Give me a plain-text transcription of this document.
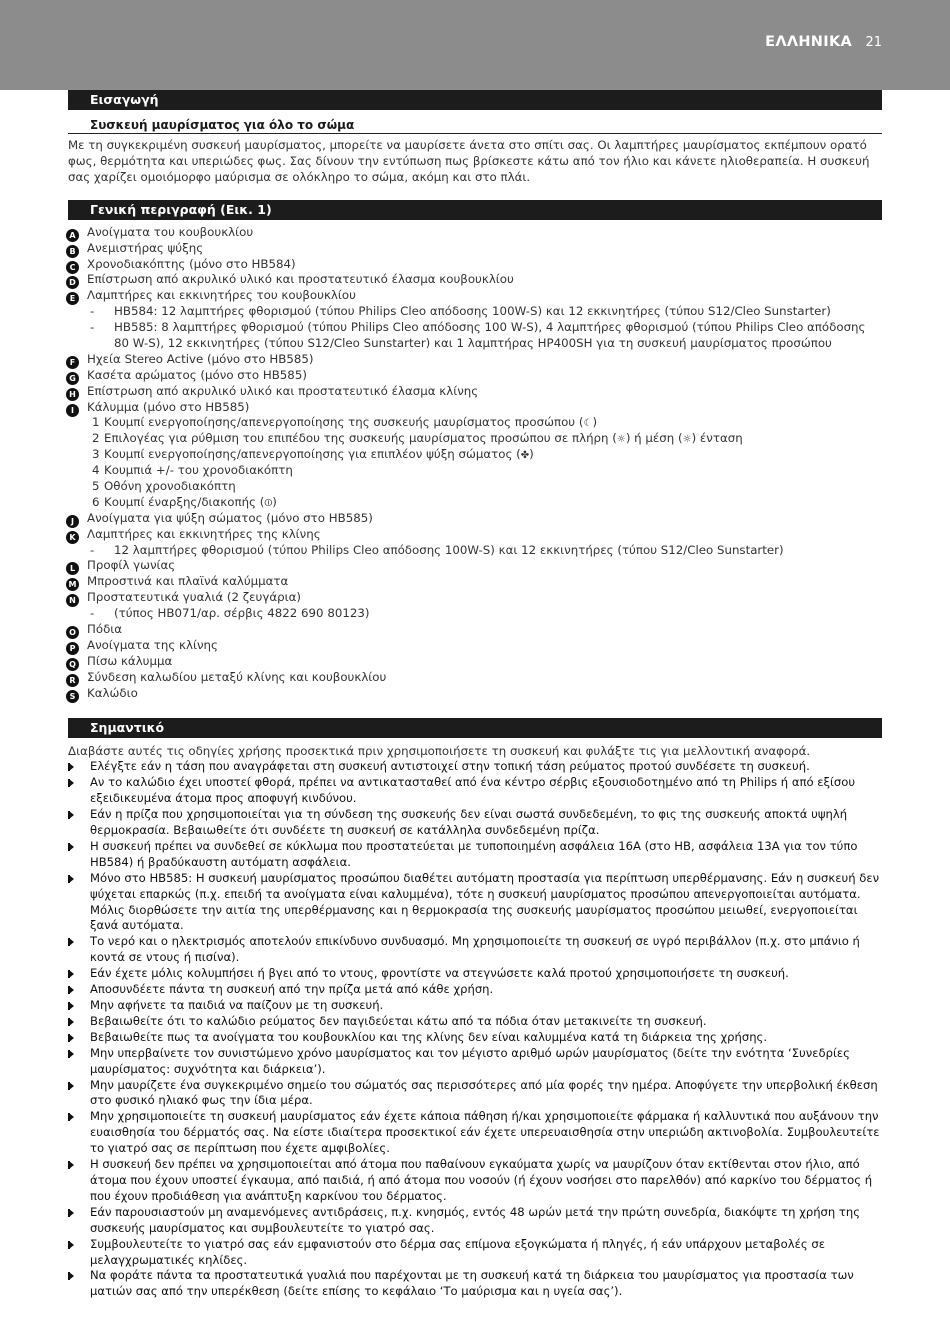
ΕΛΛΗΝΙΚΑ 21
Εισαγωγή
Συσκευή μαυρίσματος για όλο το σώμα
Με τη συγκεκριμένη συσκευή μαυρίσματος, μπορείτε να μαυρίσετε άνετα στο σπίτι σας. Οι λαμπτήρες μαυρίσματος εκπέμπουν ορατό φως, θερμότητα και υπεριώδες φως. Σας δίνουν την εντύπωση πως βρίσκεστε κάτω από τον ήλιο και κάνετε ηλιοθεραπεία. Η συσκευή σας χαρίζει ομοιόμορφο μαύρισμα σε ολόκληρο το σώμα, ακόμη και στο πλάι.
Γενική περιγραφή (Εικ. 1)
A Ανοίγματα του κουβουκλίου
B Ανεμιστήρας ψύξης
C Χρονοδιακόπτης (μόνο στο HB584)
D Επίστρωση από ακρυλικό υλικό και προστατευτικό έλασμα κουβουκλίου
E Λαμπτήρες και εκκινητήρες του κουβουκλίου
- HB584: 12 λαμπτήρες φθορισμού (τύπου Philips Cleo απόδοσης 100W-S) και 12 εκκινητήρες (τύπου S12/Cleo Sunstarter)
- HB585: 8 λαμπτήρες φθορισμού (τύπου Philips Cleo απόδοσης 100 W-S), 4 λαμπτήρες φθορισμού (τύπου Philips Cleo απόδοσης 80 W-S), 12 εκκινητήρες (τύπου S12/Cleo Sunstarter) και 1 λαμπτήρας HP400SH για τη συσκευή μαυρίσματος προσώπου
F Ηχεία Stereo Active (μόνο στο HB585)
G Κασέτα αρώματος (μόνο στο HB585)
H Επίστρωση από ακρυλικό υλικό και προστατευτικό έλασμα κλίνης
I Κάλυμμα (μόνο στο HB585)
1 Κουμπί ενεργοποίησης/απενεργοποίησης της συσκευής μαυρίσματος προσώπου (☾)
2 Επιλογέας για ρύθμιση του επιπέδου της συσκευής μαυρίσματος προσώπου σε πλήρη (☼) ή μέση (☼) ένταση
3 Κουμπί ενεργοποίησης/απενεργοποίησης για επιπλέον ψύξη σώματος (✤)
4 Κουμπιά +/- του χρονοδιακόπτη
5 Οθόνη χρονοδιακόπτη
6 Κουμπί έναρξης/διακοπής (⏼)
J Ανοίγματα για ψύξη σώματος (μόνο στο HB585)
K Λαμπτήρες και εκκινητήρες της κλίνης
- 12 λαμπτήρες φθορισμού (τύπου Philips Cleo απόδοσης 100W-S) και 12 εκκινητήρες (τύπου S12/Cleo Sunstarter)
L Προφίλ γωνίας
M Μπροστινά και πλαϊνά καλύμματα
N Προστατευτικά γυαλιά (2 ζευγάρια)
- (τύπος HB071/αρ. σέρβις 4822 690 80123)
O Πόδια
P Ανοίγματα της κλίνης
Q Πίσω κάλυμμα
R Σύνδεση καλωδίου μεταξύ κλίνης και κουβουκλίου
S Καλώδιο
Σημαντικό
Διαβάστε αυτές τις οδηγίες χρήσης προσεκτικά πριν χρησιμοποιήσετε τη συσκευή και φυλάξτε τις για μελλοντική αναφορά.
Ελέγξτε εάν η τάση που αναγράφεται στη συσκευή αντιστοιχεί στην τοπική τάση ρεύματος προτού συνδέσετε τη συσκευή.
Αν το καλώδιο έχει υποστεί φθορά, πρέπει να αντικατασταθεί από ένα κέντρο σέρβις εξουσιοδοτημένο από τη Philips ή από εξίσου εξειδικευμένα άτομα προς αποφυγή κινδύνου.
Εάν η πρίζα που χρησιμοποιείται για τη σύνδεση της συσκευής δεν είναι σωστά συνδεδεμένη, το φις της συσκευής αποκτά υψηλή θερμοκρασία. Βεβαιωθείτε ότι συνδέετε τη συσκευή σε κατάλληλα συνδεδεμένη πρίζα.
Η συσκευή πρέπει να συνδεθεί σε κύκλωμα που προστατεύεται με τυποποιημένη ασφάλεια 16A (στο HB, ασφάλεια 13A για τον τύπο HB584) ή βραδύκαυστη αυτόματη ασφάλεια.
Μόνο στο HB585: Η συσκευή μαυρίσματος προσώπου διαθέτει αυτόματη προστασία για περίπτωση υπερθέρμανσης. Εάν η συσκευή δεν ψύχεται επαρκώς (π.χ. επειδή τα ανοίγματα είναι καλυμμένα), τότε η συσκευή μαυρίσματος προσώπου απενεργοποιείται αυτόματα. Μόλις διορθώσετε την αιτία της υπερθέρμανσης και η θερμοκρασία της συσκευής μαυρίσματος προσώπου μειωθεί, ενεργοποιείται ξανά αυτόματα.
Το νερό και ο ηλεκτρισμός αποτελούν επικίνδυνο συνδυασμό. Μη χρησιμοποιείτε τη συσκευή σε υγρό περιβάλλον (π.χ. στο μπάνιο ή κοντά σε ντους ή πισίνα).
Εάν έχετε μόλις κολυμπήσει ή βγει από το ντους, φροντίστε να στεγνώσετε καλά προτού χρησιμοποιήσετε τη συσκευή.
Αποσυνδέετε πάντα τη συσκευή από την πρίζα μετά από κάθε χρήση.
Μην αφήνετε τα παιδιά να παίζουν με τη συσκευή.
Βεβαιωθείτε ότι το καλώδιο ρεύματος δεν παγιδεύεται κάτω από τα πόδια όταν μετακινείτε τη συσκευή.
Βεβαιωθείτε πως τα ανοίγματα του κουβουκλίου και της κλίνης δεν είναι καλυμμένα κατά τη διάρκεια της χρήσης.
Μην υπερβαίνετε τον συνιστώμενο χρόνο μαυρίσματος και τον μέγιστο αριθμό ωρών μαυρίσματος (δείτε την ενότητα ‘Συνεδρίες μαυρίσματος: συχνότητα και διάρκεια’).
Μην μαυρίζετε ένα συγκεκριμένο σημείο του σώματός σας περισσότερες από μία φορές την ημέρα. Αποφύγετε την υπερβολική έκθεση στο φυσικό ηλιακό φως την ίδια μέρα.
Μην χρησιμοποιείτε τη συσκευή μαυρίσματος εάν έχετε κάποια πάθηση ή/και χρησιμοποιείτε φάρμακα ή καλλυντικά που αυξάνουν την ευαισθησία του δέρματός σας. Να είστε ιδιαίτερα προσεκτικοί εάν έχετε υπερευαισθησία στην υπεριώδη ακτινοβολία. Συμβουλευτείτε το γιατρό σας σε περίπτωση που έχετε αμφιβολίες.
Η συσκευή δεν πρέπει να χρησιμοποιείται από άτομα που παθαίνουν εγκαύματα χωρίς να μαυρίζουν όταν εκτίθενται στον ήλιο, από άτομα που έχουν υποστεί έγκαυμα, από παιδιά, ή από άτομα που νοσούν (ή έχουν νοσήσει στο παρελθόν) από καρκίνο του δέρματος ή που έχουν προδιάθεση για ανάπτυξη καρκίνου του δέρματος.
Εάν παρουσιαστούν μη αναμενόμενες αντιδράσεις, π.χ. κνησμός, εντός 48 ωρών μετά την πρώτη συνεδρία, διακόψτε τη χρήση της συσκευής μαυρίσματος και συμβουλευτείτε το γιατρό σας.
Συμβουλευτείτε το γιατρό σας εάν εμφανιστούν στο δέρμα σας επίμονα εξογκώματα ή πληγές, ή εάν υπάρχουν μεταβολές σε μελαγχρωματικές κηλίδες.
Να φοράτε πάντα τα προστατευτικά γυαλιά που παρέχονται με τη συσκευή κατά τη διάρκεια του μαυρίσματος για προστασία των ματιών σας από την υπερέκθεση (δείτε επίσης το κεφάλαιο ‘Το μαύρισμα και η υγεία σας’).
